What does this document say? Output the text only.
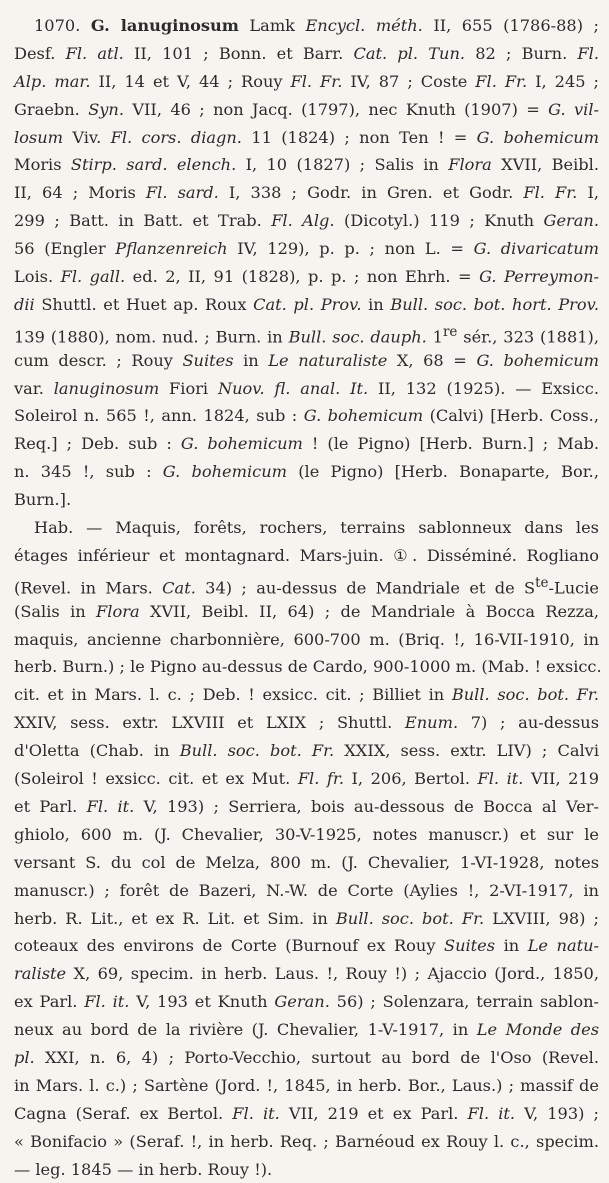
1070. G. lanuginosum Lamk Encycl. méth. II, 655 (1786-88) ;
Desf. Fl. atl. II, 101 ; Bonn. et Barr. Cat. pl. Tun. 82 ; Burn. Fl.
Alp. mar. II, 14 et V, 44 ; Rouy Fl. Fr. IV, 87 ; Coste Fl. Fr. I, 245 ;
Graebn. Syn. VII, 46 ; non Jacq. (1797), nec Knuth (1907) = G. vil-
losum Viv. Fl. cors. diagn. 11 (1824) ; non Ten ! = G. bohemicum
Moris Stirp. sard. elench. I, 10 (1827) ; Salis in Flora XVII, Beibl.
II, 64 ; Moris Fl. sard. I, 338 ; Godr. in Gren. et Godr. Fl. Fr. I,
299 ; Batt. in Batt. et Trab. Fl. Alg. (Dicotyl.) 119 ; Knuth Geran.
56 (Engler Pflanzenreich IV, 129), p. p. ; non L. = G. divaricatum
Lois. Fl. gall. ed. 2, II, 91 (1828), p. p. ; non Ehrh. = G. Perreymon-
dii Shuttl. et Huet ap. Roux Cat. pl. Prov. in Bull. soc. bot. hort. Prov.
139 (1880), nom. nud. ; Burn. in Bull. soc. dauph. 1re sér., 323 (1881),
cum descr. ; Rouy Suites in Le naturaliste X, 68 = G. bohemicum
var. lanuginosum Fiori Nuov. fl. anal. It. II, 132 (1925). — Exsicc.
Soleirol n. 565 !, ann. 1824, sub : G. bohemicum (Calvi) [Herb. Coss.,
Req.] ; Deb. sub : G. bohemicum ! (le Pigno) [Herb. Burn.] ; Mab.
n. 345 !, sub : G. bohemicum (le Pigno) [Herb. Bonaparte, Bor.,
Burn.].
Hab. — Maquis, forêts, rochers, terrains sablonneux dans les
étages inférieur et montagnard. Mars-juin. ①. Disséminé. Rogliano
(Revel. in Mars. Cat. 34) ; au-dessus de Mandriale et de $S^{te}$-Lucie
(Salis in Flora XVII, Beibl. II, 64) ; de Mandriale à Bocca Rezza,
maquis, ancienne charbonnière, 600-700 m. (Briq. !, 16-VII-1910, in
herb. Burn.) ; le Pigno au-dessus de Cardo, 900-1000 m. (Mab. ! exsicc.
cit. et in Mars. l. c. ; Deb. ! exsicc. cit. ; Billiet in Bull. soc. bot. Fr.
XXIV, sess. extr. LXVIII et LXIX ; Shuttl. Enum. 7) ; au-dessus
d'Oletta (Chab. in Bull. soc. bot. Fr. XXIX, sess. extr. LIV) ; Calvi
(Soleirol ! exsicc. cit. et ex Mut. Fl. fr. I, 206, Bertol. Fl. it. VII, 219
et Parl. Fl. it. V, 193) ; Serriera, bois au-dessous de Bocca al Ver-
ghiolo, 600 m. (J. Chevalier, 30-V-1925, notes manuscr.) et sur le
versant S. du col de Melza, 800 m. (J. Chevalier, 1-VI-1928, notes
manuscr.) ; forêt de Bazeri, N.-W. de Corte (Aylies !, 2-VI-1917, in
herb. R. Lit., et ex R. Lit. et Sim. in Bull. soc. bot. Fr. LXVIII, 98) ;
coteaux des environs de Corte (Burnouf ex Rouy Suites in Le natu-
raliste X, 69, specim. in herb. Laus. !, Rouy !) ; Ajaccio (Jord., 1850,
ex Parl. Fl. it. V, 193 et Knuth Geran. 56) ; Solenzara, terrain sablon-
neux au bord de la rivière (J. Chevalier, 1-V-1917, in Le Monde des
pl. XXI, n. 6, 4) ; Porto-Vecchio, surtout au bord de l'Oso (Revel.
in Mars. l. c.) ; Sartène (Jord. !, 1845, in herb. Bor., Laus.) ; massif de
Cagna (Seraf. ex Bertol. Fl. it. VII, 219 et ex Parl. Fl. it. V, 193) ;
« Bonifacio » (Seraf. !, in herb. Req. ; Barnéoud ex Rouy l. c., specim.
— leg. 1845 — in herb. Rouy !).
